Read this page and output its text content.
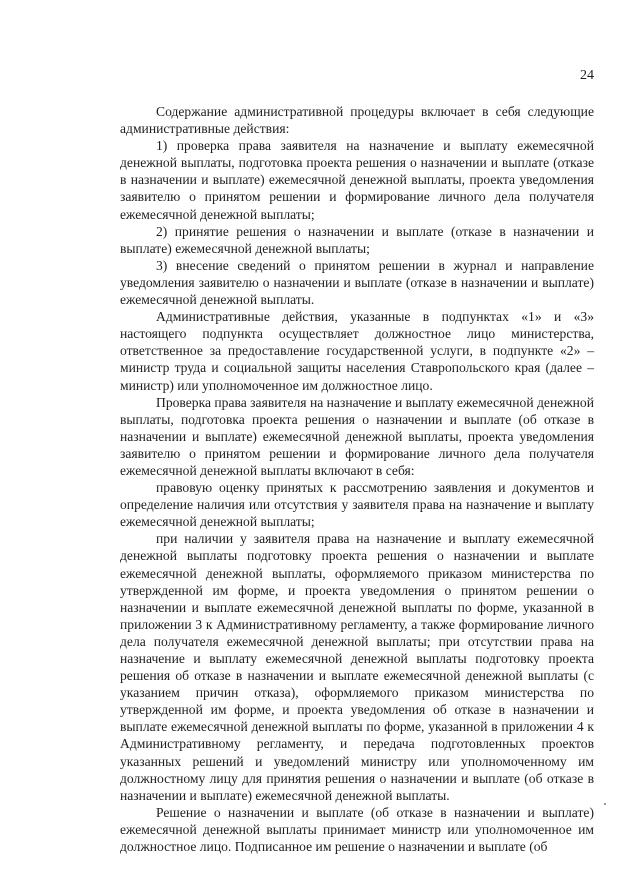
24

Содержание административной процедуры включает в себя следующие административные действия:

1) проверка права заявителя на назначение и выплату ежемесячной денежной выплаты, подготовка проекта решения о назначении и выплате (отказе в назначении и выплате) ежемесячной денежной выплаты, проекта уведомления заявителю о принятом решении и формирование личного дела получателя ежемесячной денежной выплаты;

2) принятие решения о назначении и выплате (отказе в назначении и выплате) ежемесячной денежной выплаты;

3) внесение сведений о принятом решении в журнал и направление уведомления заявителю о назначении и выплате (отказе в назначении и выплате) ежемесячной денежной выплаты.

Административные действия, указанные в подпунктах «1» и «3» настоящего подпункта осуществляет должностное лицо министерства, ответственное за предоставление государственной услуги, в подпункте «2» – министр труда и социальной защиты населения Ставропольского края (далее – министр) или уполномоченное им должностное лицо.

Проверка права заявителя на назначение и выплату ежемесячной денежной выплаты, подготовка проекта решения о назначении и выплате (об отказе в назначении и выплате) ежемесячной денежной выплаты, проекта уведомления заявителю о принятом решении и формирование личного дела получателя ежемесячной денежной выплаты включают в себя:

правовую оценку принятых к рассмотрению заявления и документов и определение наличия или отсутствия у заявителя права на назначение и выплату ежемесячной денежной выплаты;

при наличии у заявителя права на назначение и выплату ежемесячной денежной выплаты подготовку проекта решения о назначении и выплате ежемесячной денежной выплаты, оформляемого приказом министерства по утвержденной им форме, и проекта уведомления о принятом решении о назначении и выплате ежемесячной денежной выплаты по форме, указанной в приложении 3 к Административному регламенту, а также формирование личного дела получателя ежемесячной денежной выплаты; при отсутствии права на назначение и выплату ежемесячной денежной выплаты подготовку проекта решения об отказе в назначении и выплате ежемесячной денежной выплаты (с указанием причин отказа), оформляемого приказом министерства по утвержденной им форме, и проекта уведомления об отказе в назначении и выплате ежемесячной денежной выплаты по форме, указанной в приложении 4 к Административному регламенту, и передача подготовленных проектов указанных решений и уведомлений министру или уполномоченному им должностному лицу для принятия решения о назначении и выплате (об отказе в назначении и выплате) ежемесячной денежной выплаты.

Решение о назначении и выплате (об отказе в назначении и выплате) ежемесячной денежной выплаты принимает министр или уполномоченное им должностное лицо. Подписанное им решение о назначении и выплате (об
